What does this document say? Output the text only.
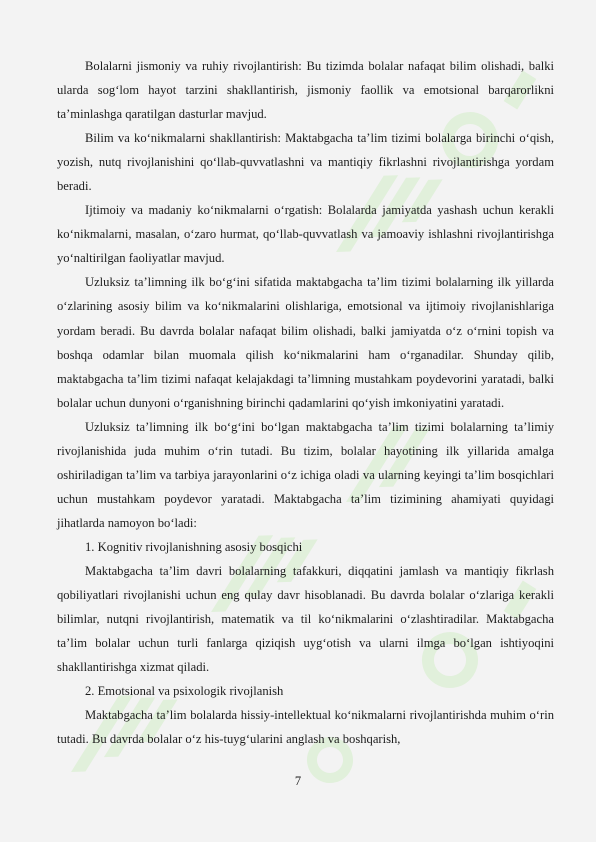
Bolalarni jismoniy va ruhiy rivojlantirish: Bu tizimda bolalar nafaqat bilim olishadi, balki ularda sog‘lom hayot tarzini shakllantirish, jismoniy faollik va emotsional barqarorlikni ta’minlashga qaratilgan dasturlar mavjud.

Bilim va ko‘nikmalarni shakllantirish: Maktabgacha ta’lim tizimi bolalarga birinchi o‘qish, yozish, nutq rivojlanishini qo‘llab-quvvatlashni va mantiqiy fikrlashni rivojlantirishga yordam beradi.

Ijtimoiy va madaniy ko‘nikmalarni o‘rgatish: Bolalarda jamiyatda yashash uchun kerakli ko‘nikmalarni, masalan, o‘zaro hurmat, qo‘llab-quvvatlash va jamoaviy ishlashni rivojlantirishga yo‘naltirilgan faoliyatlar mavjud.

Uzluksiz ta’limning ilk bo‘g‘ini sifatida maktabgacha ta’lim tizimi bolalarning ilk yillarda o‘zlarining asosiy bilim va ko‘nikmalarini olishlariga, emotsional va ijtimoiy rivojlanishlariga yordam beradi. Bu davrda bolalar nafaqat bilim olishadi, balki jamiyatda o‘z o‘rnini topish va boshqa odamlar bilan muomala qilish ko‘nikmalarini ham o‘rganadilar. Shunday qilib, maktabgacha ta’lim tizimi nafaqat kelajakdagi ta’limning mustahkam poydevorini yaratadi, balki bolalar uchun dunyoni o‘rganishning birinchi qadamlarini qo‘yish imkoniyatini yaratadi.

Uzluksiz ta’limning ilk bo‘g‘ini bo‘lgan maktabgacha ta’lim tizimi bolalarning ta’limiy rivojlanishida juda muhim o‘rin tutadi. Bu tizim, bolalar hayotining ilk yillarida amalga oshiriladigan ta’lim va tarbiya jarayonlarini o‘z ichiga oladi va ularning keyingi ta’lim bosqichlari uchun mustahkam poydevor yaratadi. Maktabgacha ta’lim tizimining ahamiyati quyidagi jihatlarda namoyon bo‘ladi:

1. Kognitiv rivojlanishning asosiy bosqichi

Maktabgacha ta’lim davri bolalarning tafakkuri, diqqatini jamlash va mantiqiy fikrlash qobiliyatlari rivojlanishi uchun eng qulay davr hisoblanadi. Bu davrda bolalar o‘zlariga kerakli bilimlar, nutqni rivojlantirish, matematik va til ko‘nikmalarini o‘zlashtiradilar. Maktabgacha ta’lim bolalar uchun turli fanlarga qiziqish uyg‘otish va ularni ilmga bo‘lgan ishtiyoqini shakllantirishga xizmat qiladi.

2. Emotsional va psixologik rivojlanish

Maktabgacha ta’lim bolalarda hissiy-intellektual ko‘nikmalarni rivojlantirishda muhim o‘rin tutadi. Bu davrda bolalar o‘z his-tuyg‘ularini anglash va boshqarish,

7
